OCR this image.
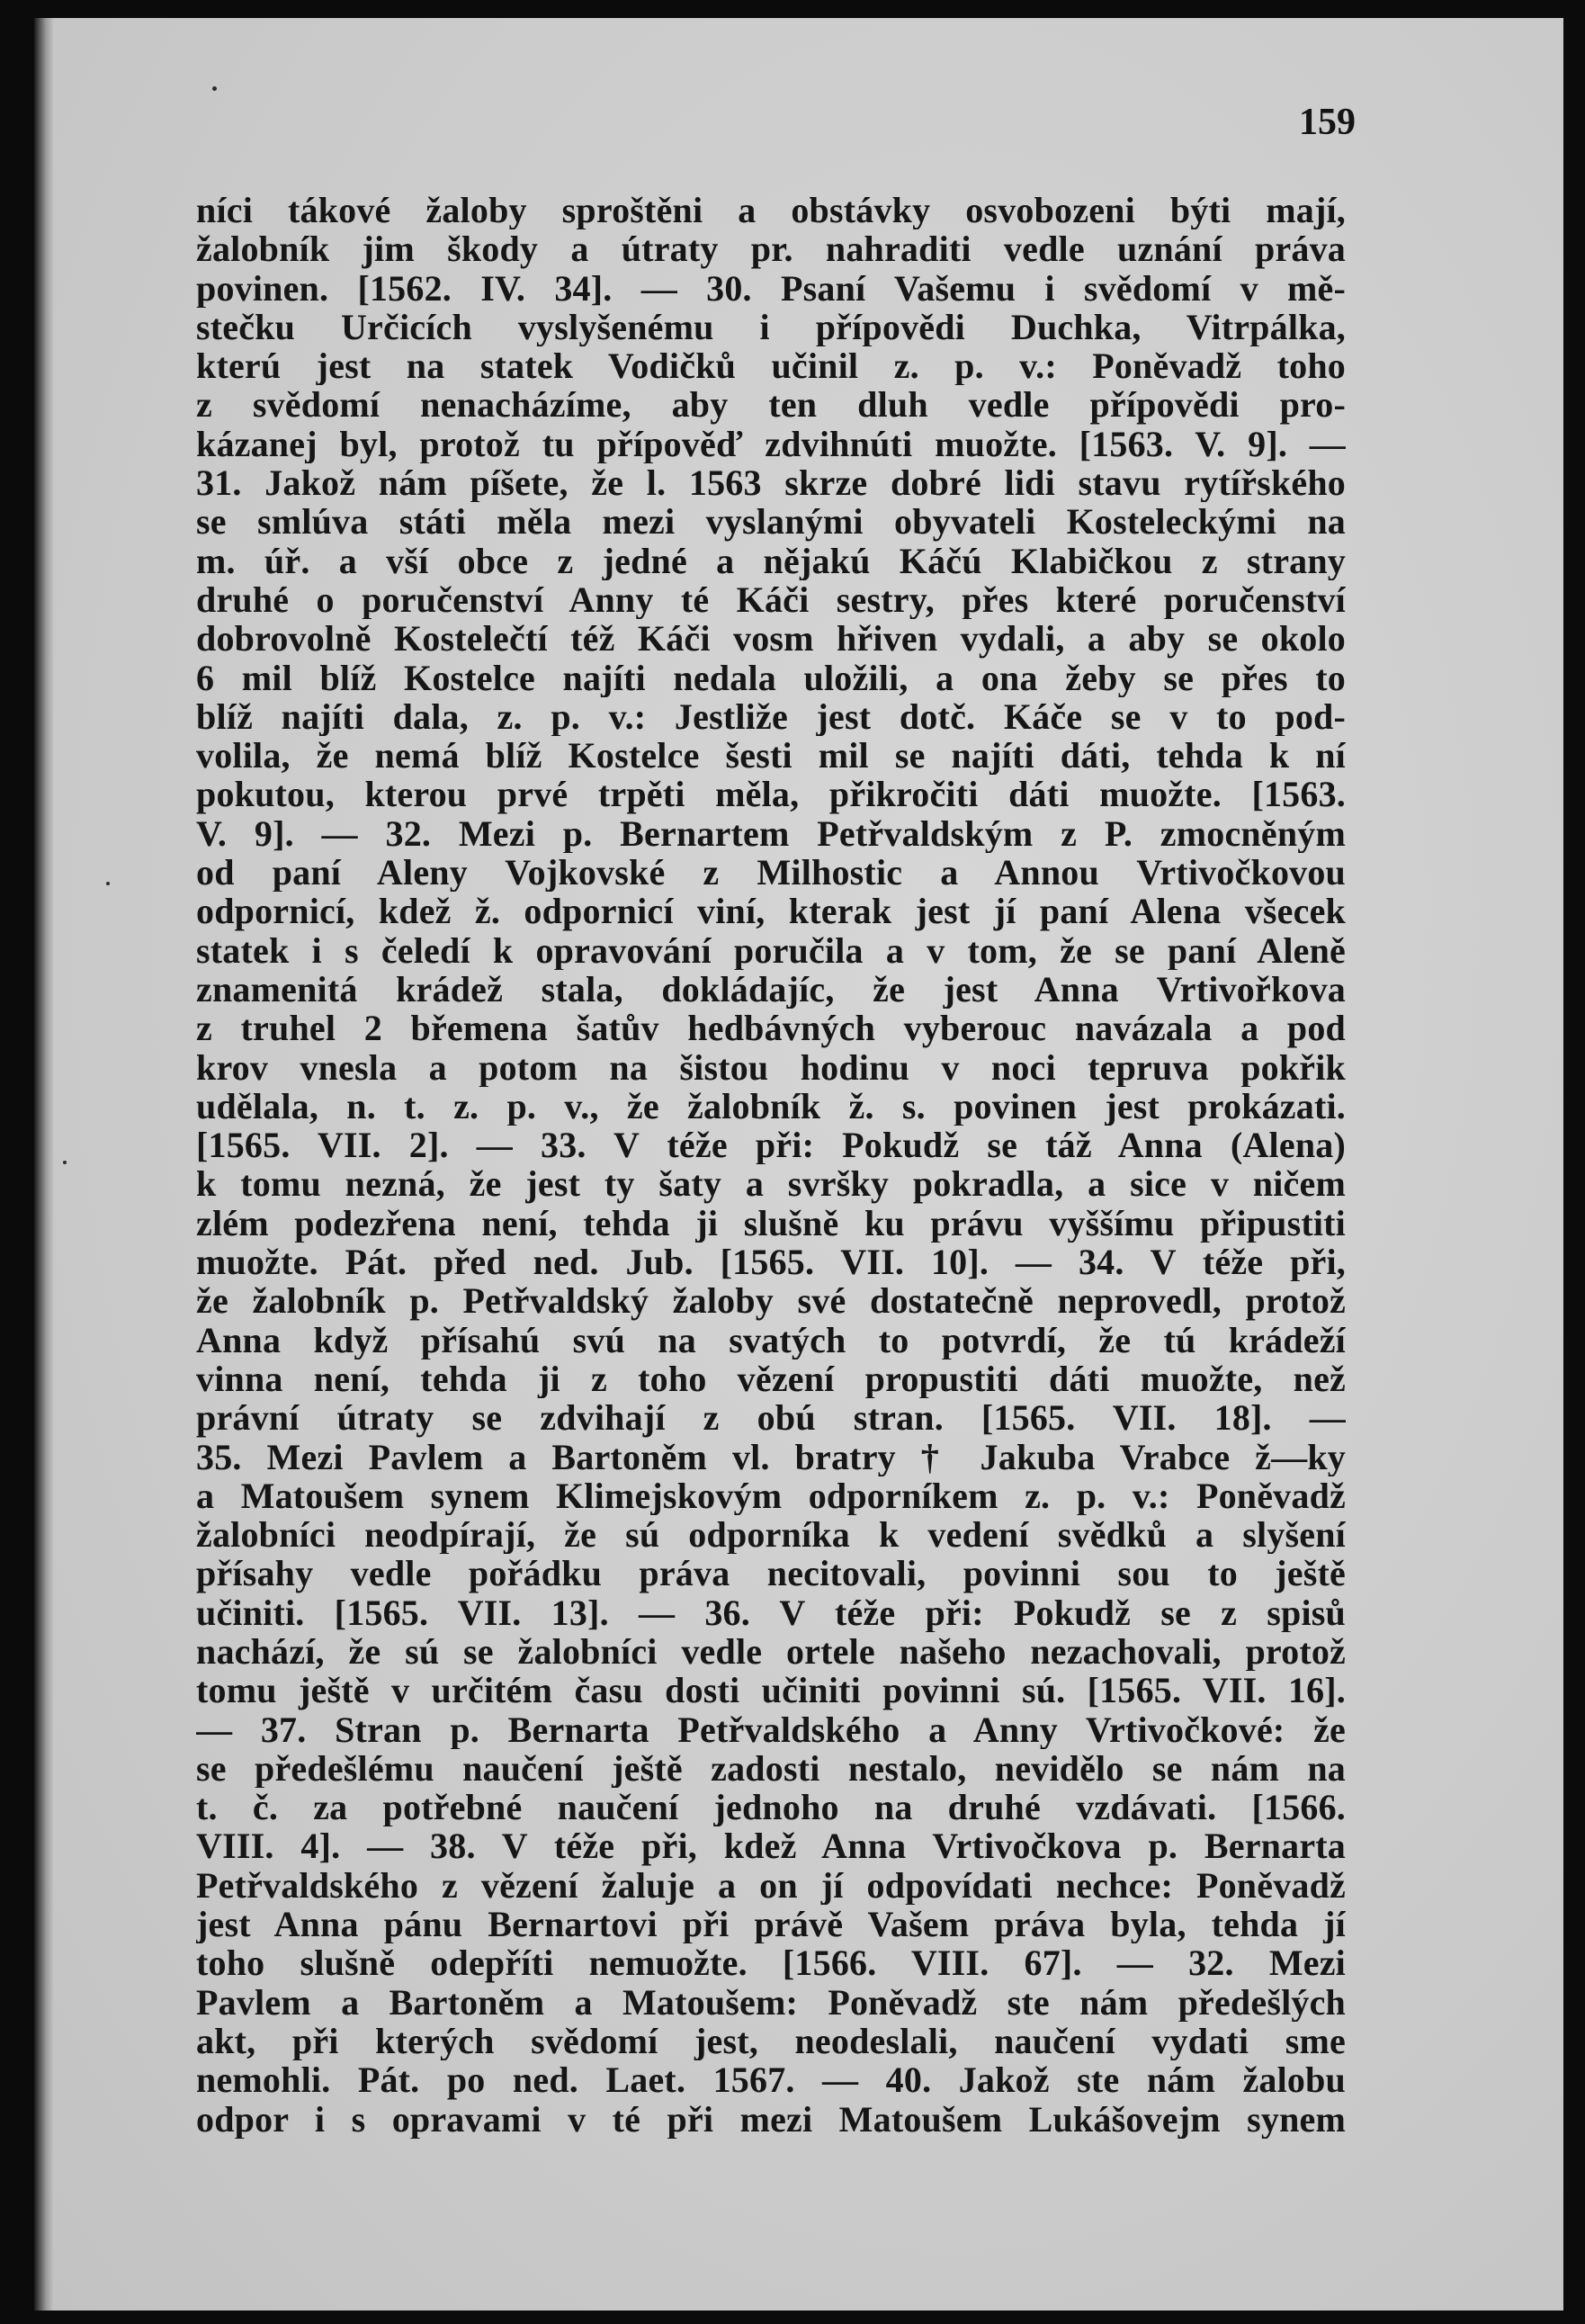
159
níci tákové žaloby sproštěni a obstávky osvobozeni býti mají,
žalobník jim škody a útraty pr. nahraditi vedle uznání práva
povinen. [1562. IV. 34]. — 30. Psaní Vašemu i svědomí v mě-
stečku Určicích vyslyšenému i přípovědi Duchka, Vitrpálka,
kterú jest na statek Vodičků učinil z. p. v.: Poněvadž toho
z svědomí nenacházíme, aby ten dluh vedle přípovědi pro-
kázanej byl, protož tu přípověď zdvihnúti muožte. [1563. V. 9]. —
31. Jakož nám píšete, že l. 1563 skrze dobré lidi stavu rytířského
se smlúva státi měla mezi vyslanými obyvateli Kosteleckými na
m. úř. a vší obce z jedné a nějakú Káčú Klabičkou z strany
druhé o poručenství Anny té Káči sestry, přes které poručenství
dobrovolně Kostelečtí též Káči vosm hřiven vydali, a aby se okolo
6 mil blíž Kostelce najíti nedala uložili, a ona žeby se přes to
blíž najíti dala, z. p. v.: Jestliže jest dotč. Káče se v to pod-
volila, že nemá blíž Kostelce šesti mil se najíti dáti, tehda k ní
pokutou, kterou prvé trpěti měla, přikročiti dáti muožte. [1563.
V. 9]. — 32. Mezi p. Bernartem Petřvaldským z P. zmocněným
od paní Aleny Vojkovské z Milhostic a Annou Vrtivočkovou
odpornicí, kdež ž. odpornicí viní, kterak jest jí paní Alena všecek
statek i s čeledí k opravování poručila a v tom, že se paní Aleně
znamenitá krádež stala, dokládajíc, že jest Anna Vrtivořkova
z truhel 2 břemena šatův hedbávných vyberouc navázala a pod
krov vnesla a potom na šistou hodinu v noci tepruva pokřik
udělala, n. t. z. p. v., že žalobník ž. s. povinen jest prokázati.
[1565. VII. 2]. — 33. V téže při: Pokudž se táž Anna (Alena)
k tomu nezná, že jest ty šaty a svršky pokradla, a sice v ničem
zlém podezřena není, tehda ji slušně ku právu vyššímu připustiti
muožte. Pát. před ned. Jub. [1565. VII. 10]. — 34. V téže při,
že žalobník p. Petřvaldský žaloby své dostatečně neprovedl, protož
Anna když přísahú svú na svatých to potvrdí, že tú krádeží
vinna není, tehda ji z toho vězení propustiti dáti muožte, než
právní útraty se zdvihají z obú stran. [1565. VII. 18]. —
35. Mezi Pavlem a Bartoněm vl. bratry † Jakuba Vrabce ž—ky
a Matoušem synem Klimejskovým odporníkem z. p. v.: Poněvadž
žalobníci neodpírají, že sú odporníka k vedení svědků a slyšení
přísahy vedle pořádku práva necitovali, povinni sou to ještě
učiniti. [1565. VII. 13]. — 36. V téže při: Pokudž se z spisů
nachází, že sú se žalobníci vedle ortele našeho nezachovali, protož
tomu ještě v určitém času dosti učiniti povinni sú. [1565. VII. 16].
— 37. Stran p. Bernarta Petřvaldského a Anny Vrtivočkové: že
se předešlému naučení ještě zadosti nestalo, nevidělo se nám na
t. č. za potřebné naučení jednoho na druhé vzdávati. [1566.
VIII. 4]. — 38. V téže při, kdež Anna Vrtivočkova p. Bernarta
Petřvaldského z vězení žaluje a on jí odpovídati nechce: Poněvadž
jest Anna pánu Bernartovi při právě Vašem práva byla, tehda jí
toho slušně odepříti nemuožte. [1566. VIII. 67]. — 32. Mezi
Pavlem a Bartoněm a Matoušem: Poněvadž ste nám předešlých
akt, při kterých svědomí jest, neodeslali, naučení vydati sme
nemohli. Pát. po ned. Laet. 1567. — 40. Jakož ste nám žalobu
odpor i s opravami v té při mezi Matoušem Lukášovejm synem
